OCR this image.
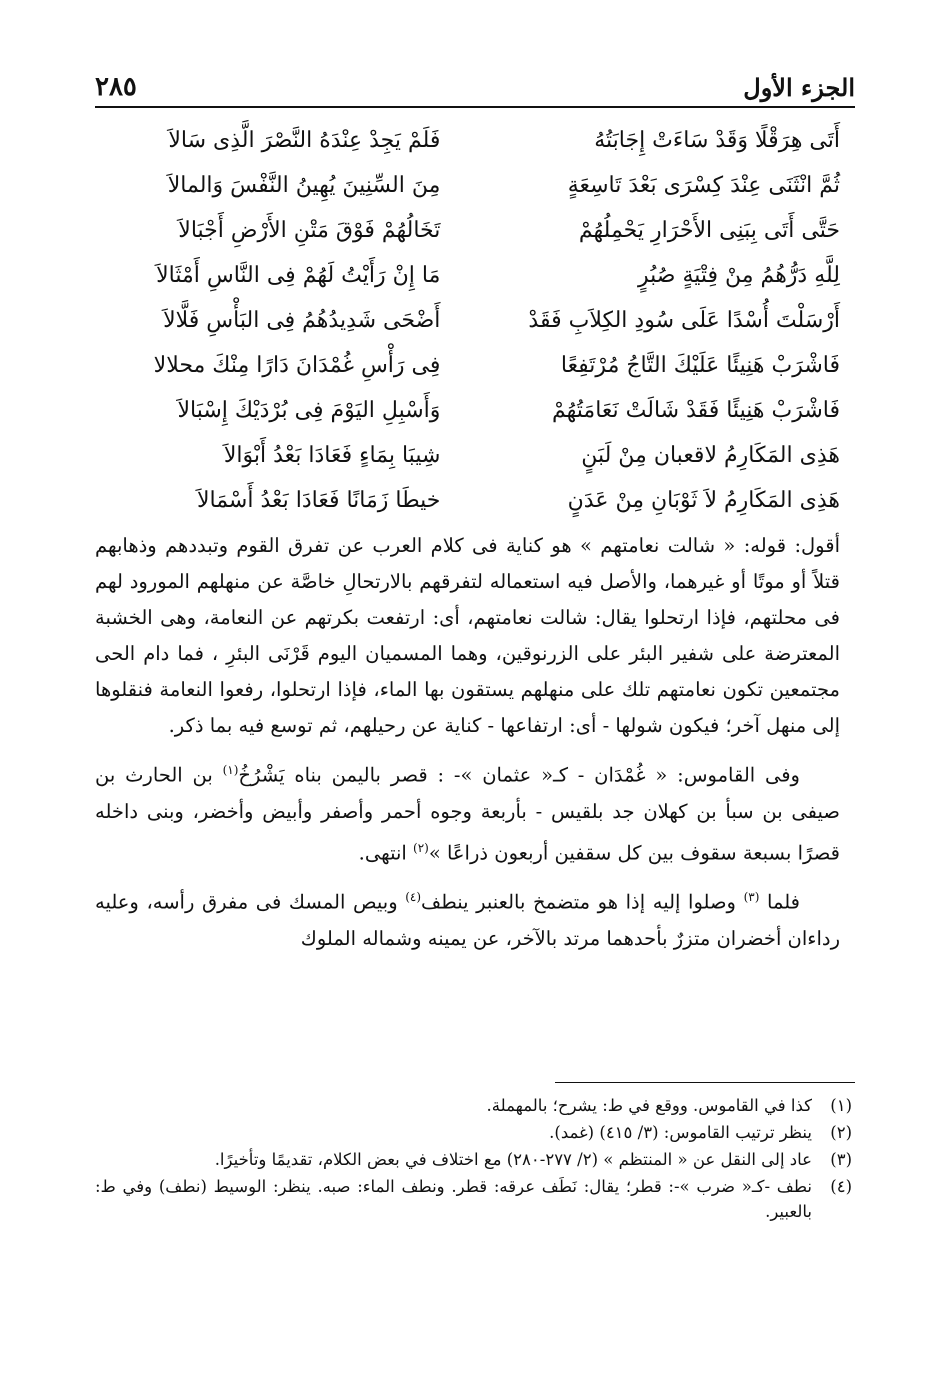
الجزء الأول
٢٨٥
أَتَى هِرَقْلًا وَقَدْ سَاءَتْ إِجَابَتُهُ
فَلَمْ يَجِدْ عِنْدَهُ النَّصْرَ الَّذِى سَالاَ
ثُمَّ انْثَنَى عِنْدَ كِسْرَى بَعْدَ تَاسِعَةٍ
مِنَ السِّنِينَ يُهِينُ النَّفْسَ وَالمالاَ
حَتَّى أَتَى بِبَنِى الأَحْرَارِ يَحْمِلُهُمْ
تَخَالُهُمْ فَوْقَ مَتْنِ الأَرْضِ أَجْبَالاَ
لِلَّهِ دَرُّهُمُ مِنْ فِتْيَةٍ صُبُرٍ
مَا إِنْ رَأَيْتُ لَهُمْ فِى النَّاسِ أَمْثَالاَ
أَرْسَلْتَ أُسْدًا عَلَى سُودِ الكِلاَبِ فَقَدْ
أَضْحَى شَدِيدُهُمُ فِى البَأْسِ فَلَّالاَ
فَاشْرَبْ هَنِيئًا عَلَيْكَ التَّاجُ مُرْتَفِعًا
فِى رَأْسِ غُمْدَانَ دَارًا مِنْكَ محلالا
فَاشْرَبْ هَنِيئًا فَقَدْ شَالَتْ نَعَامَتُهُمْ
وَأَسْبِلِ اليَوْمَ فِى بُرْدَيْكَ إِسْبَالاَ
هَذِى المَكَارِمُ لاقعبان مِنْ لَبَنٍ
شِيبَا بِمَاءٍ فَعَادَا بَعْدُ أَبْوَالاَ
هَذِى المَكَارِمُ لاَ ثَوْبَانِ مِنْ عَدَنٍ
خيطَا زَمَانًا فَعَادَا بَعْدُ أَسْمَالاَ

أقول: قوله: « شالت نعامتهم » هو كناية فى كلام العرب عن تفرق القوم وتبددهم وذهابهم قتلاً أو موتًا أو غيرهما، والأصل فيه استعماله لتفرقهم بالارتحالِ خاصَّة عن منهلهم المورود لهم فى محلتهم، فإذا ارتحلوا يقال: شالت نعامتهم، أى: ارتفعت بكرتهم عن النعامة، وهى الخشبة المعترضة على شفير البئر على الزرنوقين، وهما المسميان اليوم قَرْنَى البئرِ ، فما دام الحى مجتمعين تكون نعامتهم تلك على منهلهم يستقون بها الماء، فإذا ارتحلوا، رفعوا النعامة فنقلوها إلى منهل آخر؛ فيكون شولها - أى: ارتفاعها - كناية عن رحيلهم، ثم توسع فيه بما ذكر.

وفى القاموس: « غُمْدَان - كـ« عثمان »- : قصر باليمن بناه يَشْرُخُ$^{(١)}$ بن الحارث بن صيفى بن سبأ بن كهلان جد بلقيس - بأربعة وجوه أحمر وأصفر وأبيض وأخضر، وبنى داخله قصرًا بسبعة سقوف بين كل سقفين أربعون ذراعًا »$^{(٢)}$ انتهى.

فلما $^{(٣)}$ وصلوا إليه إذا هو متضمخ بالعنبر ينطف$^{(٤)}$ وبيص المسك فى مفرق رأسه، وعليه رداءان أخضران متزرٌ بأحدهما مرتد بالآخر، عن يمينه وشماله الملوك

(١)
كذا في القاموس. ووقع في ط: يشرح؛ بالمهملة.
(٢)
ينظر ترتيب القاموس: (٣/ ٤١٥) (غمد).
(٣)
عاد إلى النقل عن « المنتظم » (٢/ ٢٧٧-٢٨٠) مع اختلاف في بعض الكلام، تقديمًا وتأخيرًا.
(٤)
نطف -كـ« ضرب »-: قطر؛ يقال: نَطَف عرقه: قطر. ونطف الماء: صبه. ينظر: الوسيط (نطف) وفي ط: بالعبير.
